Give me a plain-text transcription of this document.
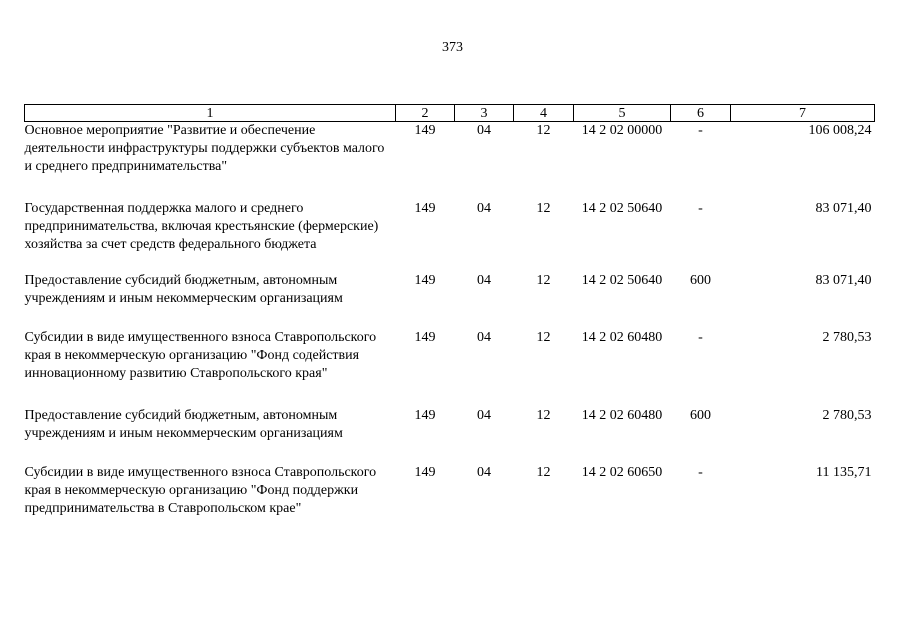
373
1	2	3	4	5	6	7
Основное мероприятие "Развитие и обеспечение деятельности инфраструктуры поддержки субъектов малого и среднего предпринимательства"	149	04	12	14 2 02 00000	-	106 008,24
Государственная поддержка малого и среднего предпринимательства, включая крестьянские (фермерские) хозяйства за счет средств федерального бюджета	149	04	12	14 2 02 50640	-	83 071,40
Предоставление субсидий бюджетным, автономным учреждениям и иным некоммерческим организациям	149	04	12	14 2 02 50640	600	83 071,40
Субсидии в виде имущественного взноса Ставропольского края в некоммерческую организацию "Фонд содействия инновационному развитию Ставропольского края"	149	04	12	14 2 02 60480	-	2 780,53
Предоставление субсидий бюджетным, автономным учреждениям и иным некоммерческим организациям	149	04	12	14 2 02 60480	600	2 780,53
Субсидии в виде имущественного взноса Ставропольского края в некоммерческую организацию "Фонд поддержки предпринимательства в Ставропольском крае"	149	04	12	14 2 02 60650	-	11 135,71
